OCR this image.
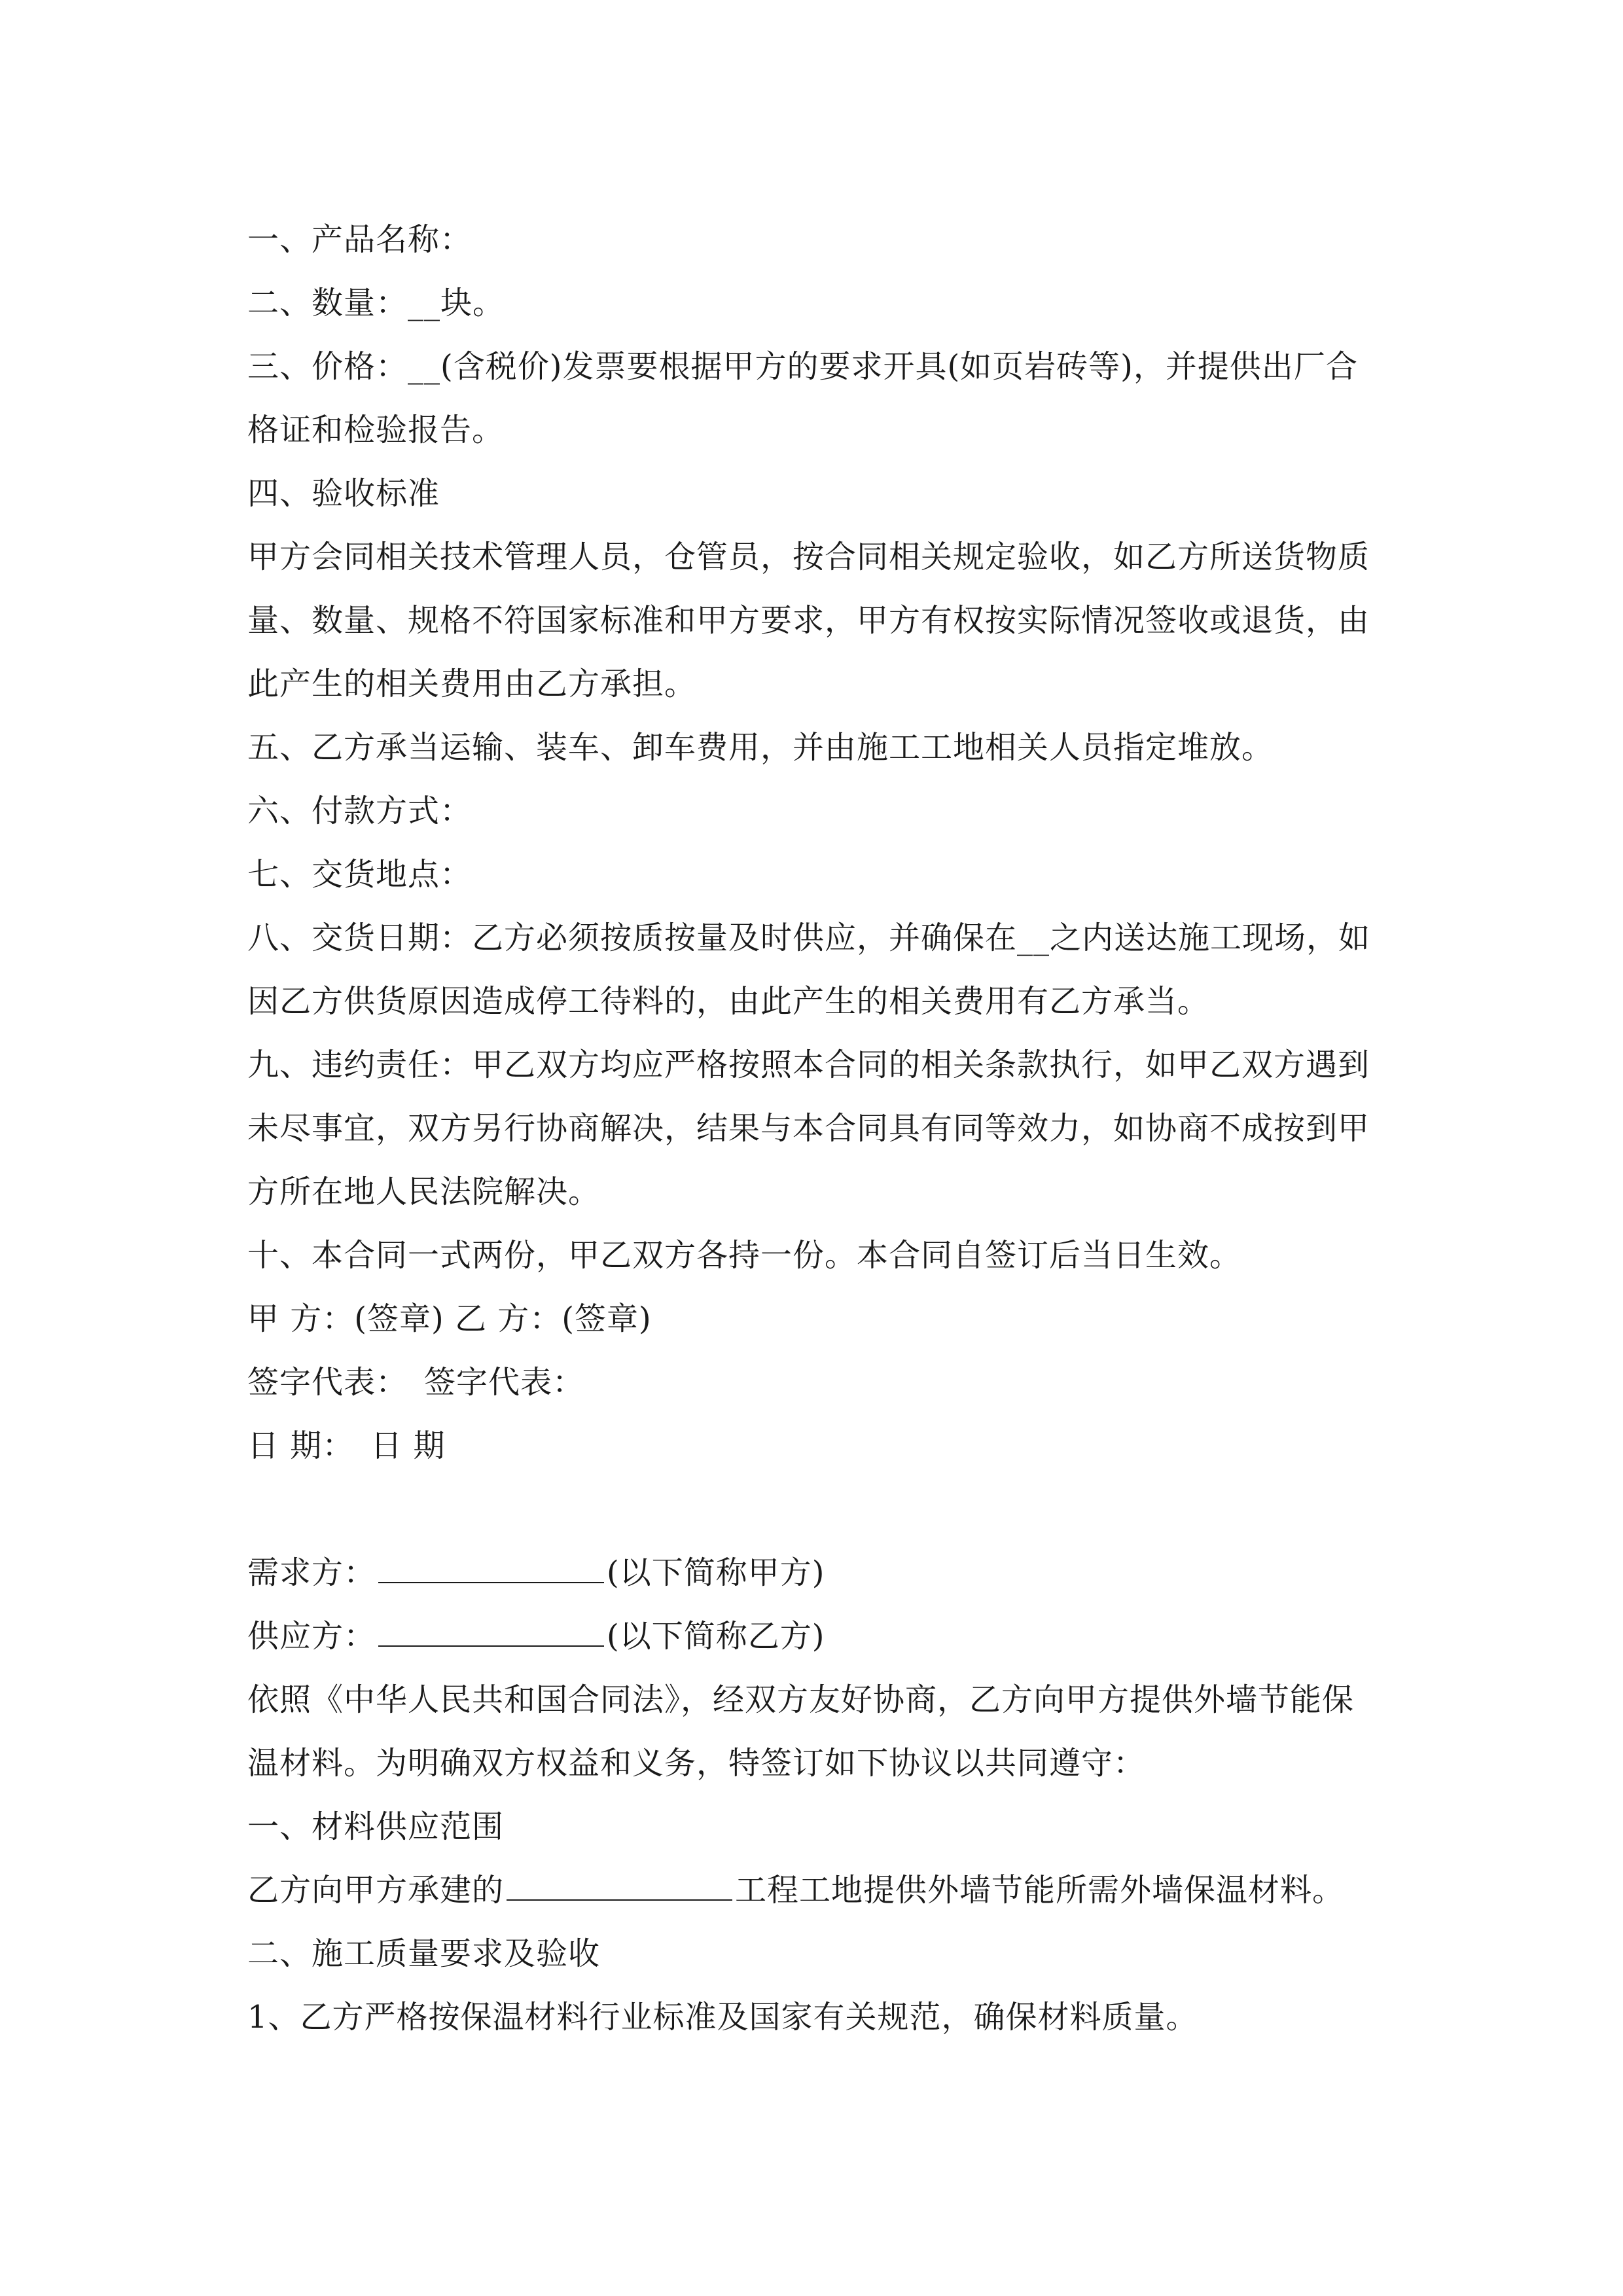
一、产品名称：
二、数量：__块。
三、价格：__(含税价)发票要根据甲方的要求开具(如页岩砖等)，并提供出厂合
格证和检验报告。
四、验收标准
甲方会同相关技术管理人员，仓管员，按合同相关规定验收，如乙方所送货物质
量、数量、规格不符国家标准和甲方要求，甲方有权按实际情况签收或退货，由
此产生的相关费用由乙方承担。
五、乙方承当运输、装车、卸车费用，并由施工工地相关人员指定堆放。
六、付款方式：
七、交货地点：
八、交货日期：乙方必须按质按量及时供应，并确保在__之内送达施工现场，如
因乙方供货原因造成停工待料的，由此产生的相关费用有乙方承当。
九、违约责任：甲乙双方均应严格按照本合同的相关条款执行，如甲乙双方遇到
未尽事宜，双方另行协商解决，结果与本合同具有同等效力，如协商不成按到甲
方所在地人民法院解决。
十、本合同一式两份，甲乙双方各持一份。本合同自签订后当日生效。
甲 方：(签章) 乙 方：(签章)
签字代表：　签字代表：
日 期：　日 期
需求方：	(以下简称甲方)
供应方：	(以下简称乙方)
依照《中华人民共和国合同法》，经双方友好协商，乙方向甲方提供外墙节能保
温材料。为明确双方权益和义务，特签订如下协议以共同遵守：
一、材料供应范围
乙方向甲方承建的	工程工地提供外墙节能所需外墙保温材料。
二、施工质量要求及验收
1、乙方严格按保温材料行业标准及国家有关规范，确保材料质量。
